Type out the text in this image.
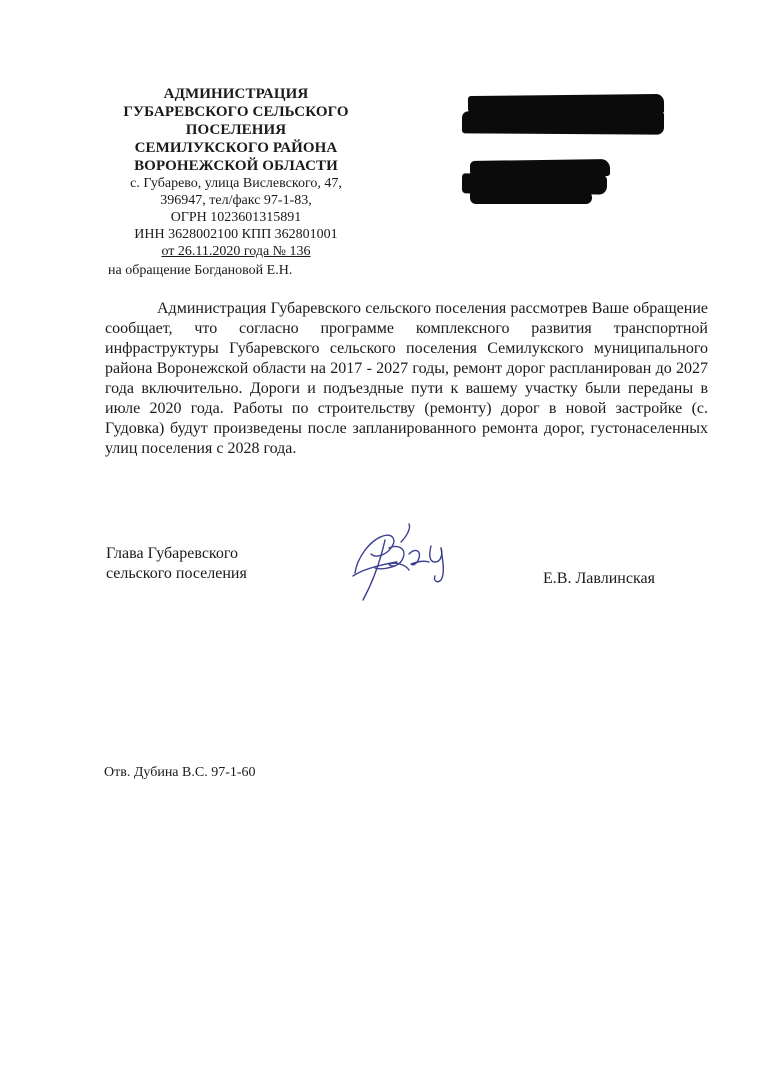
АДМИНИСТРАЦИЯ
ГУБАРЕВСКОГО СЕЛЬСКОГО
ПОСЕЛЕНИЯ
СЕМИЛУКСКОГО РАЙОНА
ВОРОНЕЖСКОЙ ОБЛАСТИ
с. Губарево, улица Вислевского, 47,
396947, тел/факс 97-1-83,
ОГРН 1023601315891
ИНН 3628002100 КПП 362801001
от 26.11.2020 года № 136
на обращение Богдановой Е.Н.

Администрация Губаревского сельского поселения рассмотрев Ваше обращение сообщает, что согласно программе комплексного развития транспортной инфраструктуры Губаревского сельского поселения Семилукского муниципального района Воронежской области на 2017 - 2027 годы, ремонт дорог распланирован до 2027 года включительно. Дороги и подъездные пути к вашему участку были переданы в июле 2020 года. Работы по строительству (ремонту) дорог в новой застройке (с. Гудовка) будут произведены после запланированного ремонта дорог, густонаселенных улиц поселения с 2028 года.

Глава Губаревского
сельского поселения	Е.В. Лавлинская
Отв. Дубина В.С. 97-1-60
